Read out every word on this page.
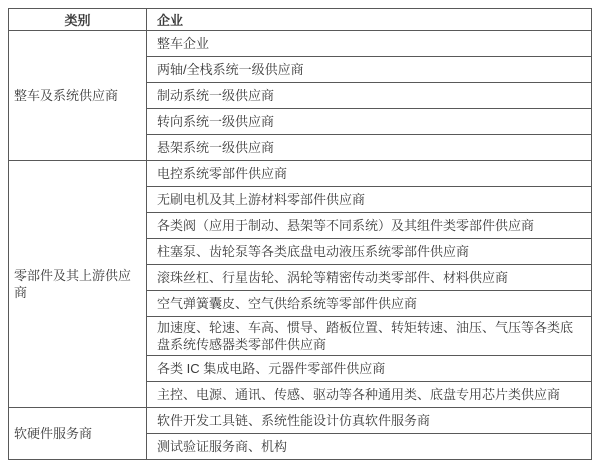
类别	企业
整车及系统供应商	整车企业
	两轴/全栈系统一级供应商
	制动系统一级供应商
	转向系统一级供应商
	悬架系统一级供应商
零部件及其上游供应商	电控系统零部件供应商
	无刷电机及其上游材料零部件供应商
	各类阀（应用于制动、悬架等不同系统）及其组件类零部件供应商
	柱塞泵、齿轮泵等各类底盘电动液压系统零部件供应商
	滚珠丝杠、行星齿轮、涡轮等精密传动类零部件、材料供应商
	空气弹簧囊皮、空气供给系统等零部件供应商
	加速度、轮速、车高、惯导、踏板位置、转矩转速、油压、气压等各类底盘系统传感器类零部件供应商
	各类 IC 集成电路、元器件零部件供应商
	主控、电源、通讯、传感、驱动等各种通用类、底盘专用芯片类供应商
软硬件服务商	软件开发工具链、系统性能设计仿真软件服务商
	测试验证服务商、机构
